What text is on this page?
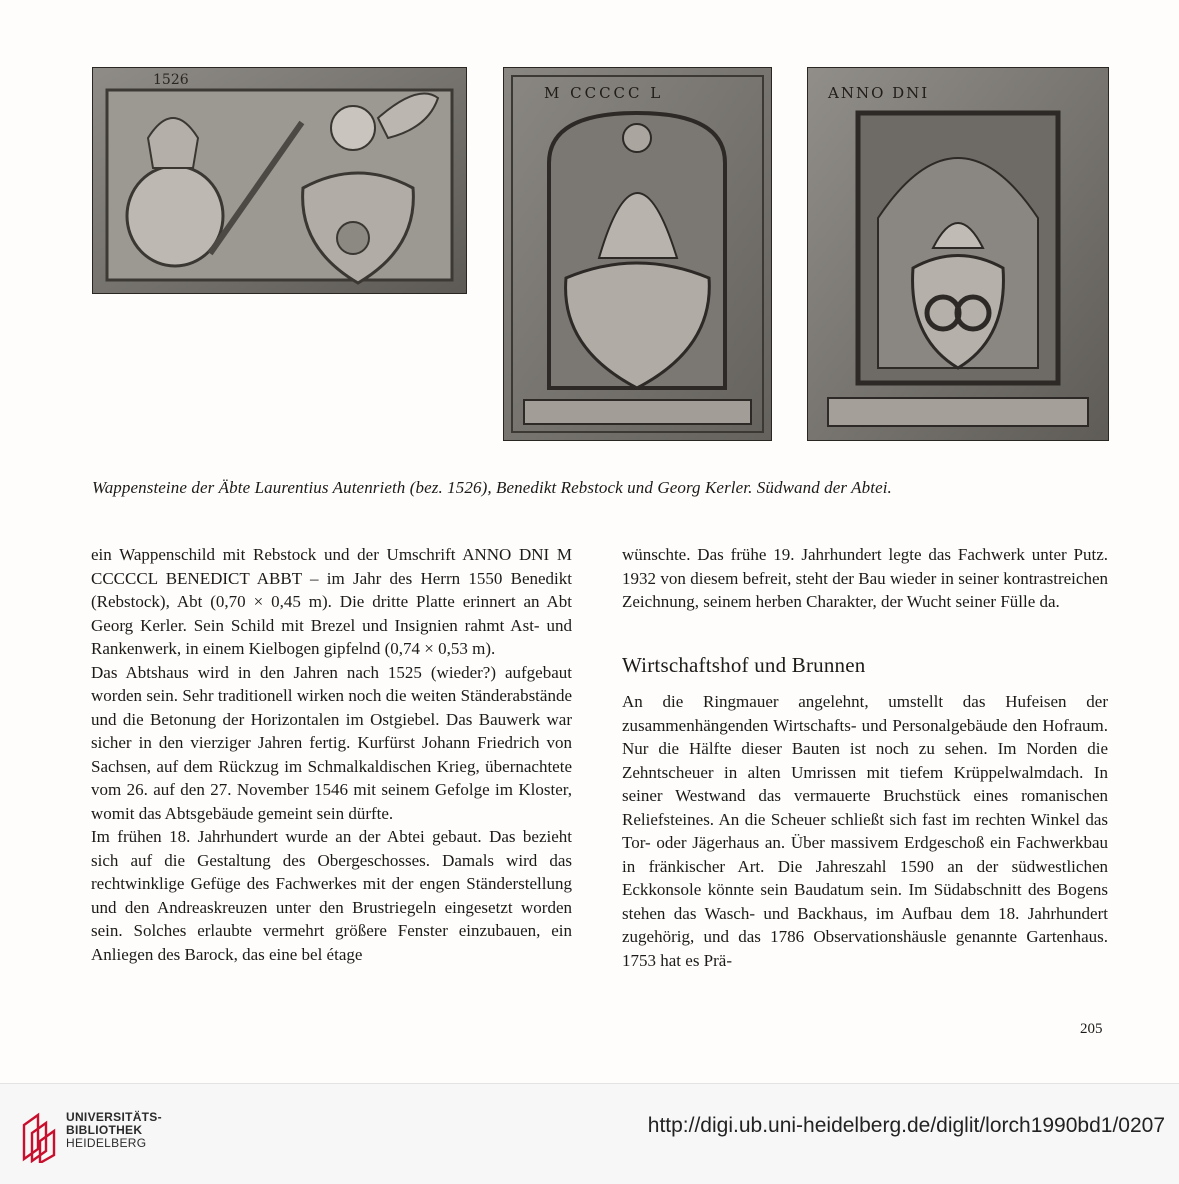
1526
M CCCCC L	ANNO DNI
Wappensteine der Äbte Laurentius Autenrieth (bez. 1526), Benedikt Rebstock und Georg Kerler. Südwand der Abtei.

ein Wappenschild mit Rebstock und der Umschrift ANNO DNI M CCCCCL BENEDICT ABBT – im Jahr des Herrn 1550 Benedikt (Rebstock), Abt (0,70 × 0,45 m). Die dritte Platte erinnert an Abt Georg Kerler. Sein Schild mit Brezel und Insignien rahmt Ast- und Rankenwerk, in einem Kielbogen gipfelnd (0,74 × 0,53 m).

Das Abtshaus wird in den Jahren nach 1525 (wieder?) aufgebaut worden sein. Sehr traditionell wirken noch die weiten Ständerabstände und die Betonung der Horizontalen im Ostgiebel. Das Bauwerk war sicher in den vierziger Jahren fertig. Kurfürst Johann Friedrich von Sachsen, auf dem Rückzug im Schmalkaldischen Krieg, übernachtete vom 26. auf den 27. November 1546 mit seinem Gefolge im Kloster, womit das Abtsgebäude gemeint sein dürfte.

Im frühen 18. Jahrhundert wurde an der Abtei gebaut. Das bezieht sich auf die Gestaltung des Obergeschosses. Damals wird das rechtwinklige Gefüge des Fachwerkes mit der engen Ständerstellung und den Andreaskreuzen unter den Brustriegeln eingesetzt worden sein. Solches erlaubte vermehrt größere Fenster einzubauen, ein Anliegen des Barock, das eine bel étage

wünschte. Das frühe 19. Jahrhundert legte das Fachwerk unter Putz. 1932 von diesem befreit, steht der Bau wieder in seiner kontrastreichen Zeichnung, seinem herben Charakter, der Wucht seiner Fülle da.

Wirtschaftshof und Brunnen

An die Ringmauer angelehnt, umstellt das Hufeisen der zusammenhängenden Wirtschafts- und Personalgebäude den Hofraum. Nur die Hälfte dieser Bauten ist noch zu sehen. Im Norden die Zehntscheuer in alten Umrissen mit tiefem Krüppelwalmdach. In seiner Westwand das vermauerte Bruchstück eines romanischen Reliefsteines. An die Scheuer schließt sich fast im rechten Winkel das Tor- oder Jägerhaus an. Über massivem Erdgeschoß ein Fachwerkbau in fränkischer Art. Die Jahreszahl 1590 an der südwestlichen Eckkonsole könnte sein Baudatum sein. Im Südabschnitt des Bogens stehen das Wasch- und Backhaus, im Aufbau dem 18. Jahrhundert zugehörig, und das 1786 Observationshäusle genannte Gartenhaus. 1753 hat es Prä-

205
UNIVERSITÄTS-
BIBLIOTHEK
HEIDELBERG
http://digi.ub.uni-heidelberg.de/diglit/lorch1990bd1/0207
